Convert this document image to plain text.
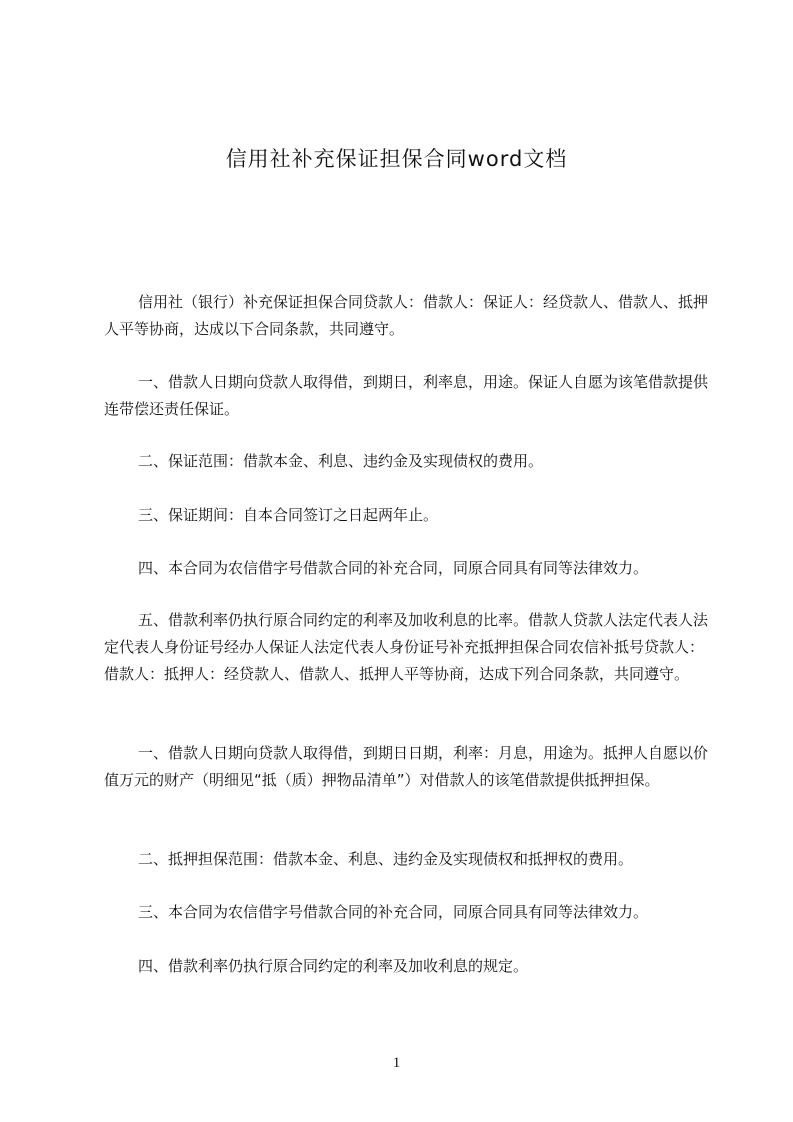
信用社补充保证担保合同word文档
信用社（银行）补充保证担保合同贷款人：借款人：保证人：经贷款人、借款人、抵押人平等协商，达成以下合同条款，共同遵守。
一、借款人日期向贷款人取得借，到期日，利率息，用途。保证人自愿为该笔借款提供连带偿还责任保证。
二、保证范围：借款本金、利息、违约金及实现债权的费用。
三、保证期间：自本合同签订之日起两年止。
四、本合同为农信借字号借款合同的补充合同，同原合同具有同等法律效力。
五、借款利率仍执行原合同约定的利率及加收利息的比率。借款人贷款人法定代表人法定代表人身份证号经办人保证人法定代表人身份证号补充抵押担保合同农信补抵号贷款人：借款人：抵押人：经贷款人、借款人、抵押人平等协商，达成下列合同条款，共同遵守。
一、借款人日期向贷款人取得借，到期日日期，利率：月息，用途为。抵押人自愿以价值万元的财产（明细见“抵（质）押物品清单”）对借款人的该笔借款提供抵押担保。
二、抵押担保范围：借款本金、利息、违约金及实现债权和抵押权的费用。
三、本合同为农信借字号借款合同的补充合同，同原合同具有同等法律效力。
四、借款利率仍执行原合同约定的利率及加收利息的规定。
1
